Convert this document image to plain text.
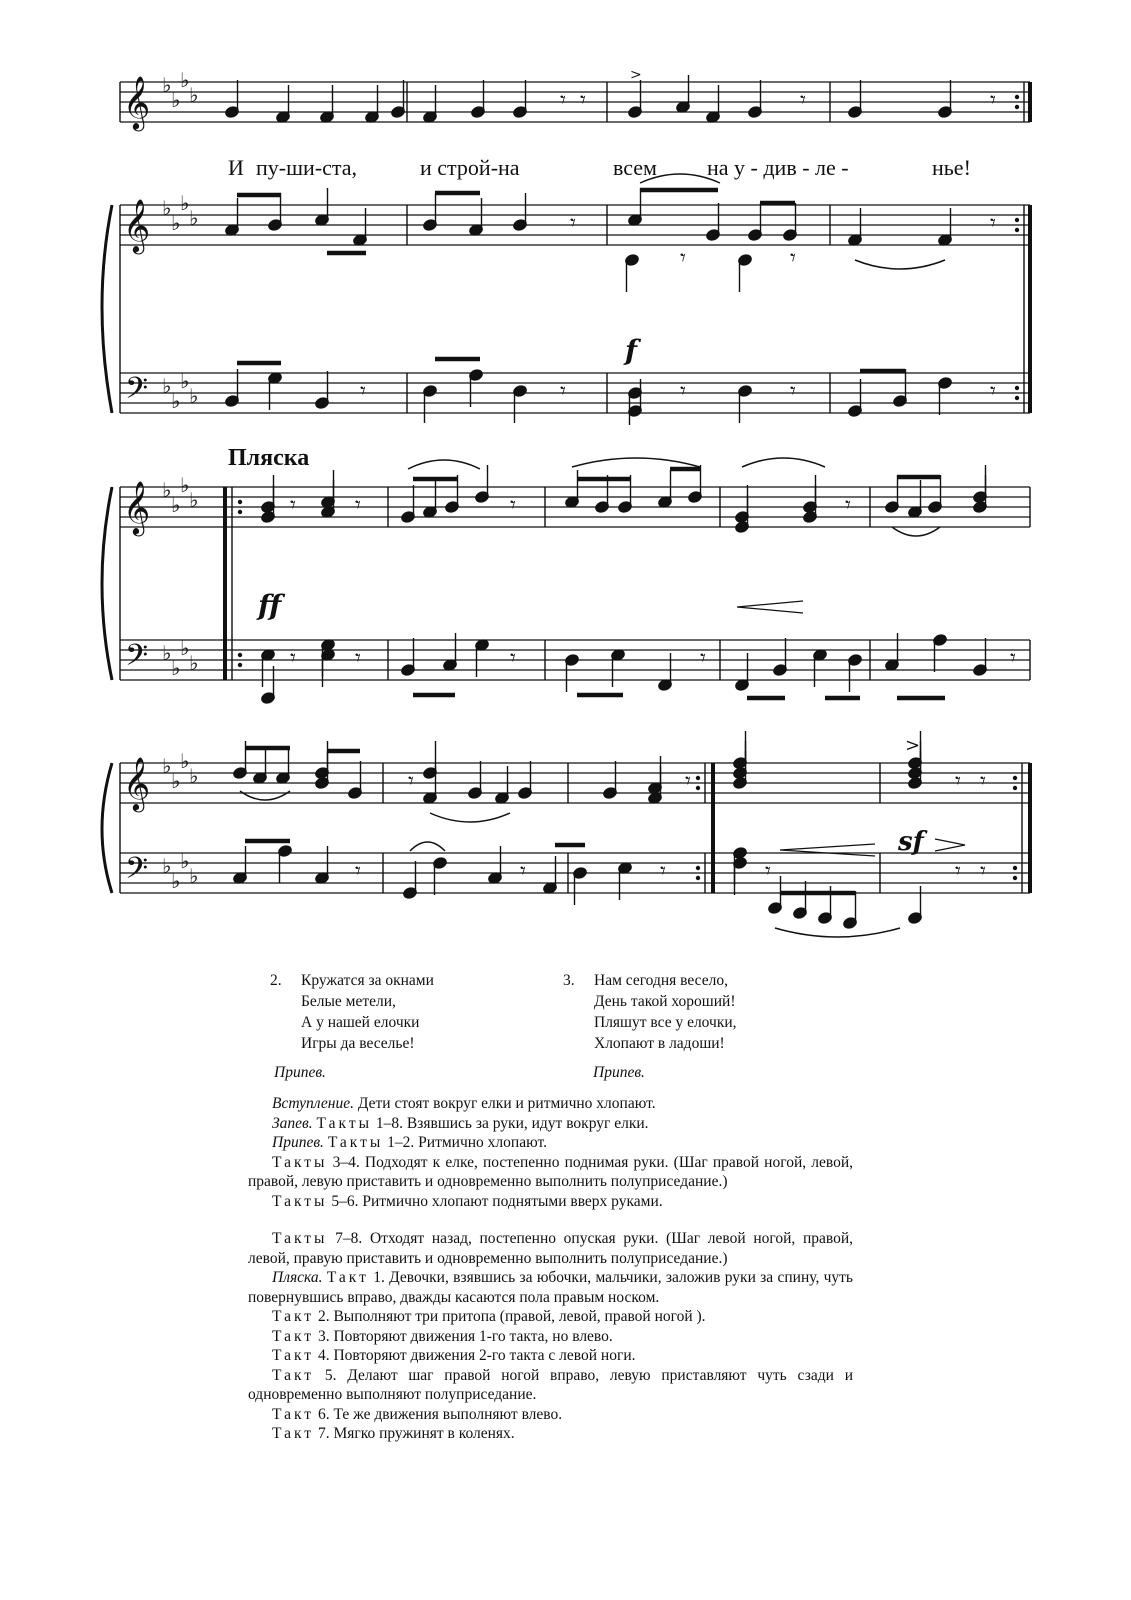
𝄞 ♭
♭
♭
♭	𝄾	𝄾	𝄾
𝄾
>
𝄞 ♭
♭
♭
♭
𝄢 ♭
♭
♭
♭
𝄾
𝄾	𝄾
𝄾
f
𝄾	𝄾	𝄾	𝄾	𝄾
𝄞 ♭
♭
♭
♭
𝄢 ♭
♭
♭
♭
𝄾	𝄾	𝄾	𝄾
ff
𝄾	𝄾	𝄾	𝄾	𝄾
𝄞 ♭
♭
♭
♭
𝄢 ♭
♭
♭
♭
𝄾	𝄾	𝄾 𝄾
>
sf
𝄾	𝄾	𝄾	𝄾	𝄾 𝄾
И пу-ши-ста,	и строй-на	всем на у - див - ле -	нье!
Пляска
2. Кружатся за окнами
Белые метели,
А у нашей елочки
Игры да веселье!
Припев.
3. Нам сегодня весело,
День такой хороший!
Пляшут все у елочки,
Хлопают в ладоши!
Припев.

Вступление. Дети стоят вокруг елки и ритмично хлопают.

Запев. Такты 1–8. Взявшись за руки, идут вокруг елки.

Припев. Такты 1–2. Ритмично хлопают.

Такты 3–4. Подходят к елке, постепенно поднимая руки. (Шаг правой ногой, левой, правой, левую приставить и одновременно выполнить полуприседание.)

Такты 5–6. Ритмично хлопают поднятыми вверх руками.

Такты 7–8. Отходят назад, постепенно опуская руки. (Шаг левой ногой, правой, левой, правую приставить и одновременно выполнить полуприседание.)

Пляска. Такт 1. Девочки, взявшись за юбочки, мальчики, заложив руки за спину, чуть повернувшись вправо, дважды касаются пола правым носком.

Такт 2. Выполняют три притопа (правой, левой, правой ногой ).

Такт 3. Повторяют движения 1-го такта, но влево.

Такт 4. Повторяют движения 2-го такта с левой ноги.

Такт 5. Делают шаг правой ногой вправо, левую приставляют чуть сзади и одновременно выполняют полуприседание.

Такт 6. Те же движения выполняют влево.

Такт 7. Мягко пружинят в коленях.
